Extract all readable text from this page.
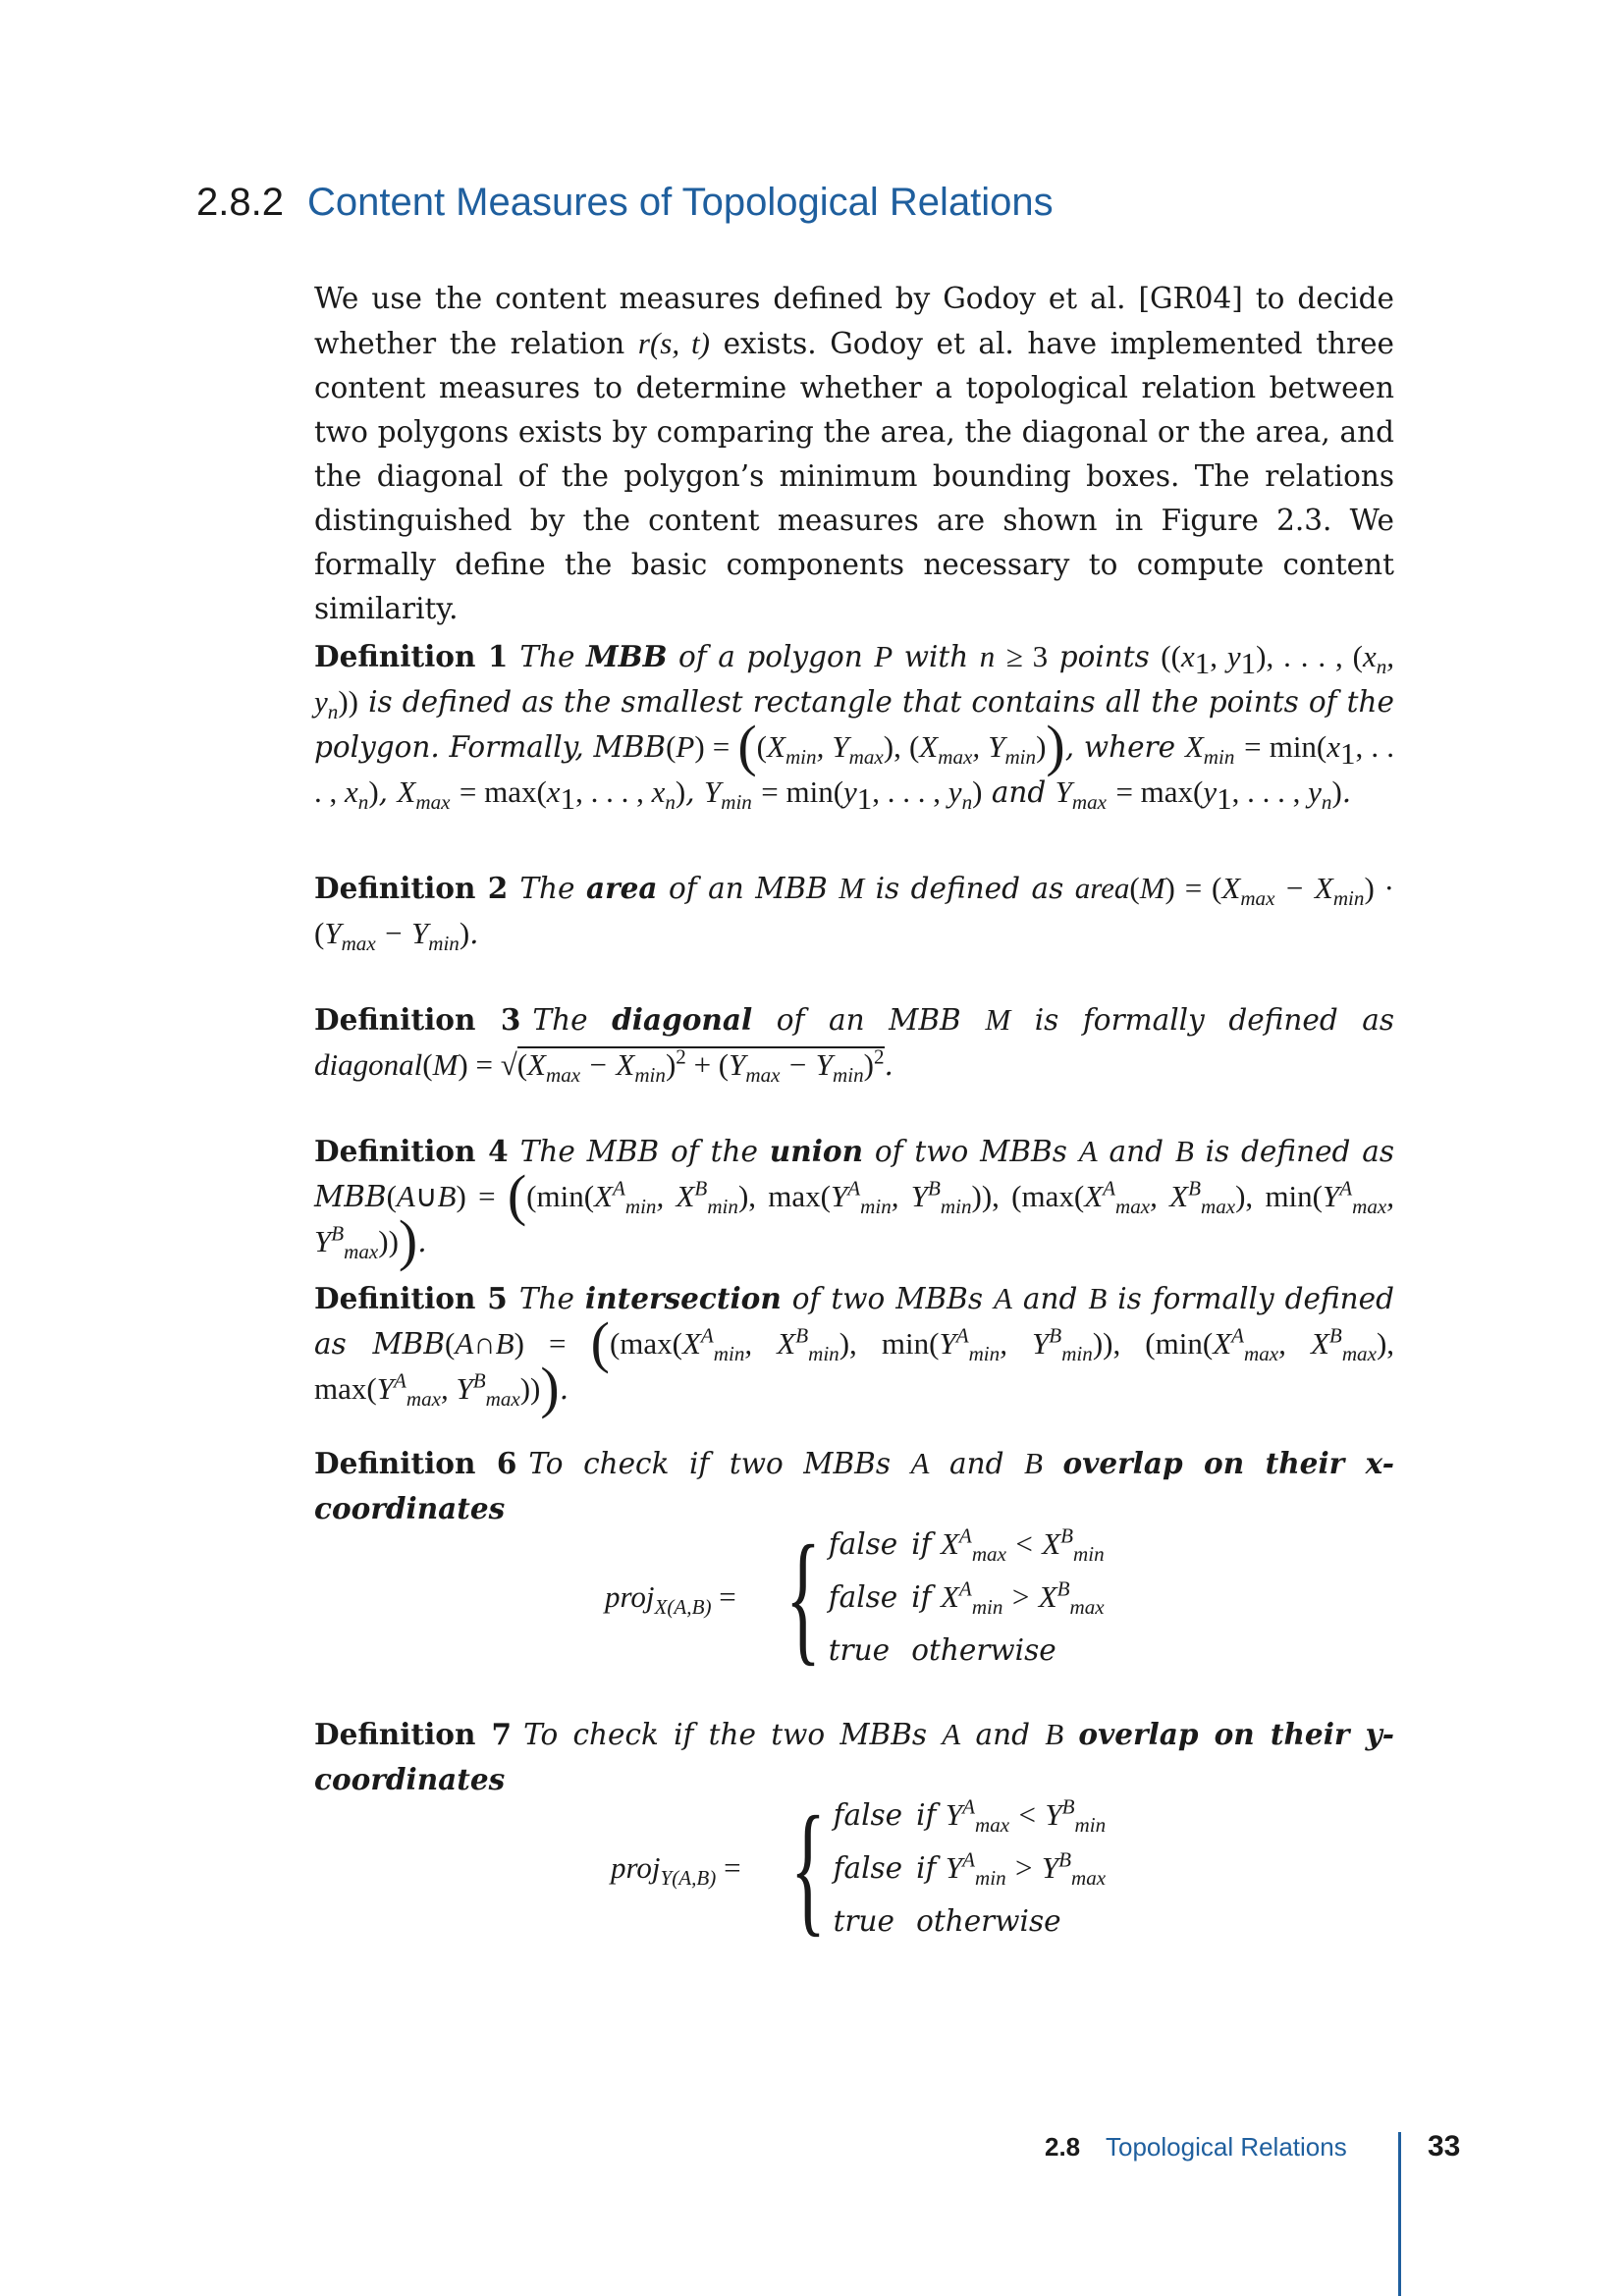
2.8.2 Content Measures of Topological Relations
We use the content measures defined by Godoy et al. [GR04] to decide whether the relation r(s, t) exists. Godoy et al. have implemented three content measures to determine whether a topological relation between two polygons exists by comparing the area, the diagonal or the area, and the diagonal of the polygon’s minimum bounding boxes. The relations distinguished by the content measures are shown in Figure 2.3. We formally define the basic components necessary to compute content similarity.
Definition 1 The MBB of a polygon P with n ≥ 3 points (($x_1$, $y_1$), . . . , ($x_n$, $y_n$)) is defined as the smallest rectangle that contains all the points of the polygon. Formally, $MBB(P) = ((X_{min}$, $Y_{max}$), ($X_{max}$, $Y_{min}$)), where $X_{min} = \min(x_1$, . . . , $x_n$), $X_{max} = \max(x_1$, . . . , $x_n$), $Y_{min} = \min(y_1$, . . . , $y_n$) and $Y_{max} = \max(y_1$, . . . , $y_n$).
Definition 2 The area of an MBB M is defined as area(M) = $(X_{max} - X_{min}) \cdot (Y_{max} - Y_{min})$.
Definition 3 The diagonal of an MBB M is formally defined as diagonal(M) = $√(X_{max} - X_{min})^2 + (Y_{max} - Y_{min})^2$.
Definition 4 The MBB of the union of two MBBs A and B is defined as MBB(A∪B) = (($\min(X^A_{min}$, $X^B_{min}$), $\max(Y^A_{min}$, $Y^B_{min}$)), ($\max(X^A_{max}$, $X^B_{max}$), $\min(Y^A_{max}$, $Y^B_{max}$))).
Definition 5 The intersection of two MBBs A and B is formally defined as MBB(A∩B) = (($\max(X^A_{min}$, $X^B_{min}$), $\min(Y^A_{min}$, $Y^B_{min}$)), ($\min(X^A_{max}$, $X^B_{max}$), $\max(Y^A_{max}$, $Y^B_{max}$))).
Definition 6 To check if two MBBs A and B overlap on their x-coordinates
proj$_{X(A,B)}$ = { false	if $X^A_{max} < X^B_{min}$
false	if $X^A_{min} > X^B_{max}$
true	otherwise
Definition 7 To check if the two MBBs A and B overlap on their y-coordinates
proj$_{Y(A,B)}$ = { false	if $Y^A_{max} < Y^B_{min}$
false	if $Y^A_{min} > Y^B_{max}$
true	otherwise
2.8 Topological Relations	33
